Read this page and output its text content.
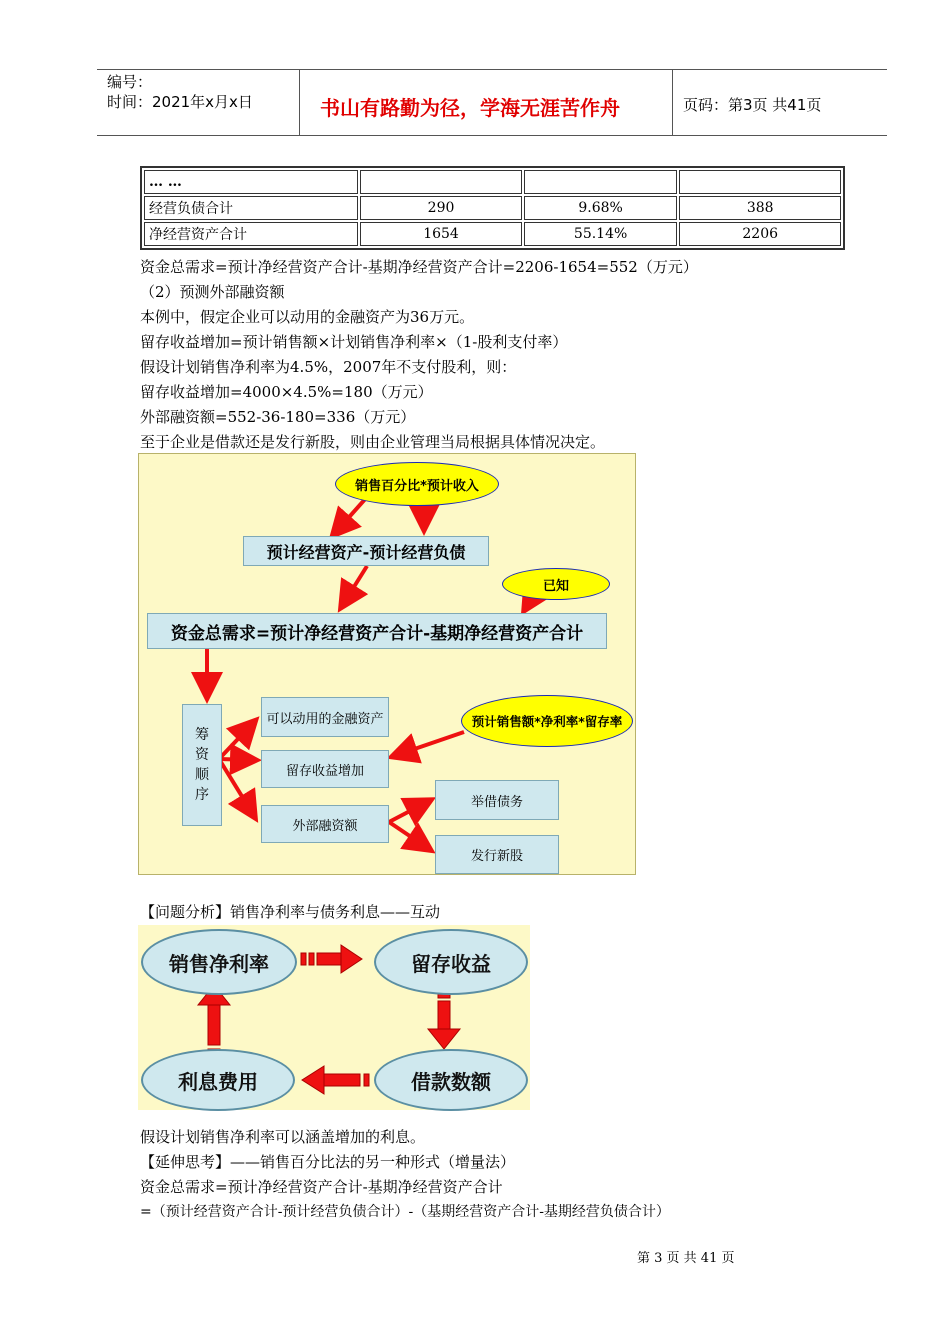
编号：
时间：2021年x月x日	书山有路勤为径，学海无涯苦作舟	页码：第3页 共41页
… …			
经营负债合计	290	9.68%	388
净经营资产合计	1654	55.14%	2206
资金总需求=预计净经营资产合计-基期净经营资产合计=2206-1654=552（万元）
（2）预测外部融资额
本例中，假定企业可以动用的金融资产为36万元。
留存收益增加=预计销售额×计划销售净利率×（1-股利支付率）
假设计划销售净利率为4.5%，2007年不支付股利，则：
留存收益增加=4000×4.5%=180（万元）
外部融资额=552-36-180=336（万元）
至于企业是借款还是发行新股，则由企业管理当局根据具体情况决定。
销售百分比*预计收入
预计经营资产-预计经营负债
已知
资金总需求=预计净经营资产合计-基期净经营资产合计
筹资顺序
可以动用的金融资产
留存收益增加
预计销售额*净利率*留存率
外部融资额
举借债务
发行新股
【问题分析】销售净利率与债务利息——互动
销售净利率	留存收益
借款数额
利息费用
假设计划销售净利率可以涵盖增加的利息。
【延伸思考】——销售百分比法的另一种形式（增量法）
资金总需求=预计净经营资产合计-基期净经营资产合计
=（预计经营资产合计-预计经营负债合计）-（基期经营资产合计-基期经营负债合计）
第 3 页 共 41 页
